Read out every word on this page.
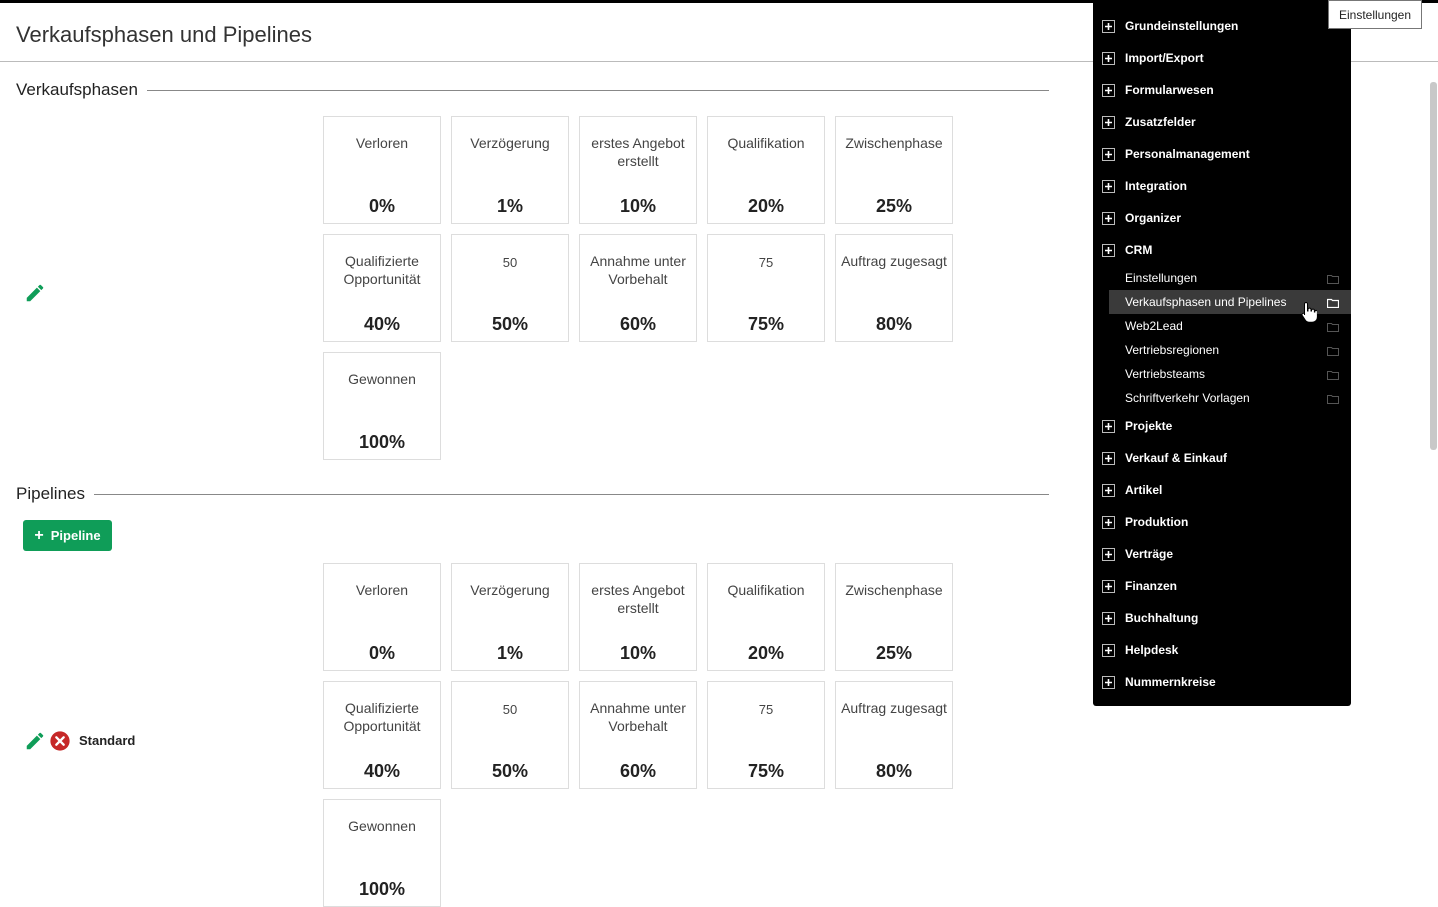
Verkaufsphasen und Pipelines
Verkaufsphasen
Verloren
0%
Verzögerung
1%
erstes Angebot erstellt
10%
Qualifikation
20%
Zwischenphase
25%
Qualifizierte Opportunität
40%
50
50%
Annahme unter Vorbehalt
60%
75
75%
Auftrag zugesagt
80%
Gewonnen
100%
Pipelines
+ Pipeline
Verloren
0%
Verzögerung
1%
erstes Angebot erstellt
10%
Qualifikation
20%
Zwischenphase
25%
Qualifizierte Opportunität
40%
50
50%
Annahme unter Vorbehalt
60%
75
75%
Auftrag zugesagt
80%
Gewonnen
100%
Standard
Grundeinstellungen
Import/Export
Formularwesen
Zusatzfelder
Personalmanagement
Integration
Organizer
CRM
Einstellungen
Verkaufsphasen und Pipelines
Web2Lead
Vertriebsregionen
Vertriebsteams
Schriftverkehr Vorlagen
Projekte
Verkauf & Einkauf
Artikel
Produktion
Verträge
Finanzen
Buchhaltung
Helpdesk
Nummernkreise
Einstellungen
